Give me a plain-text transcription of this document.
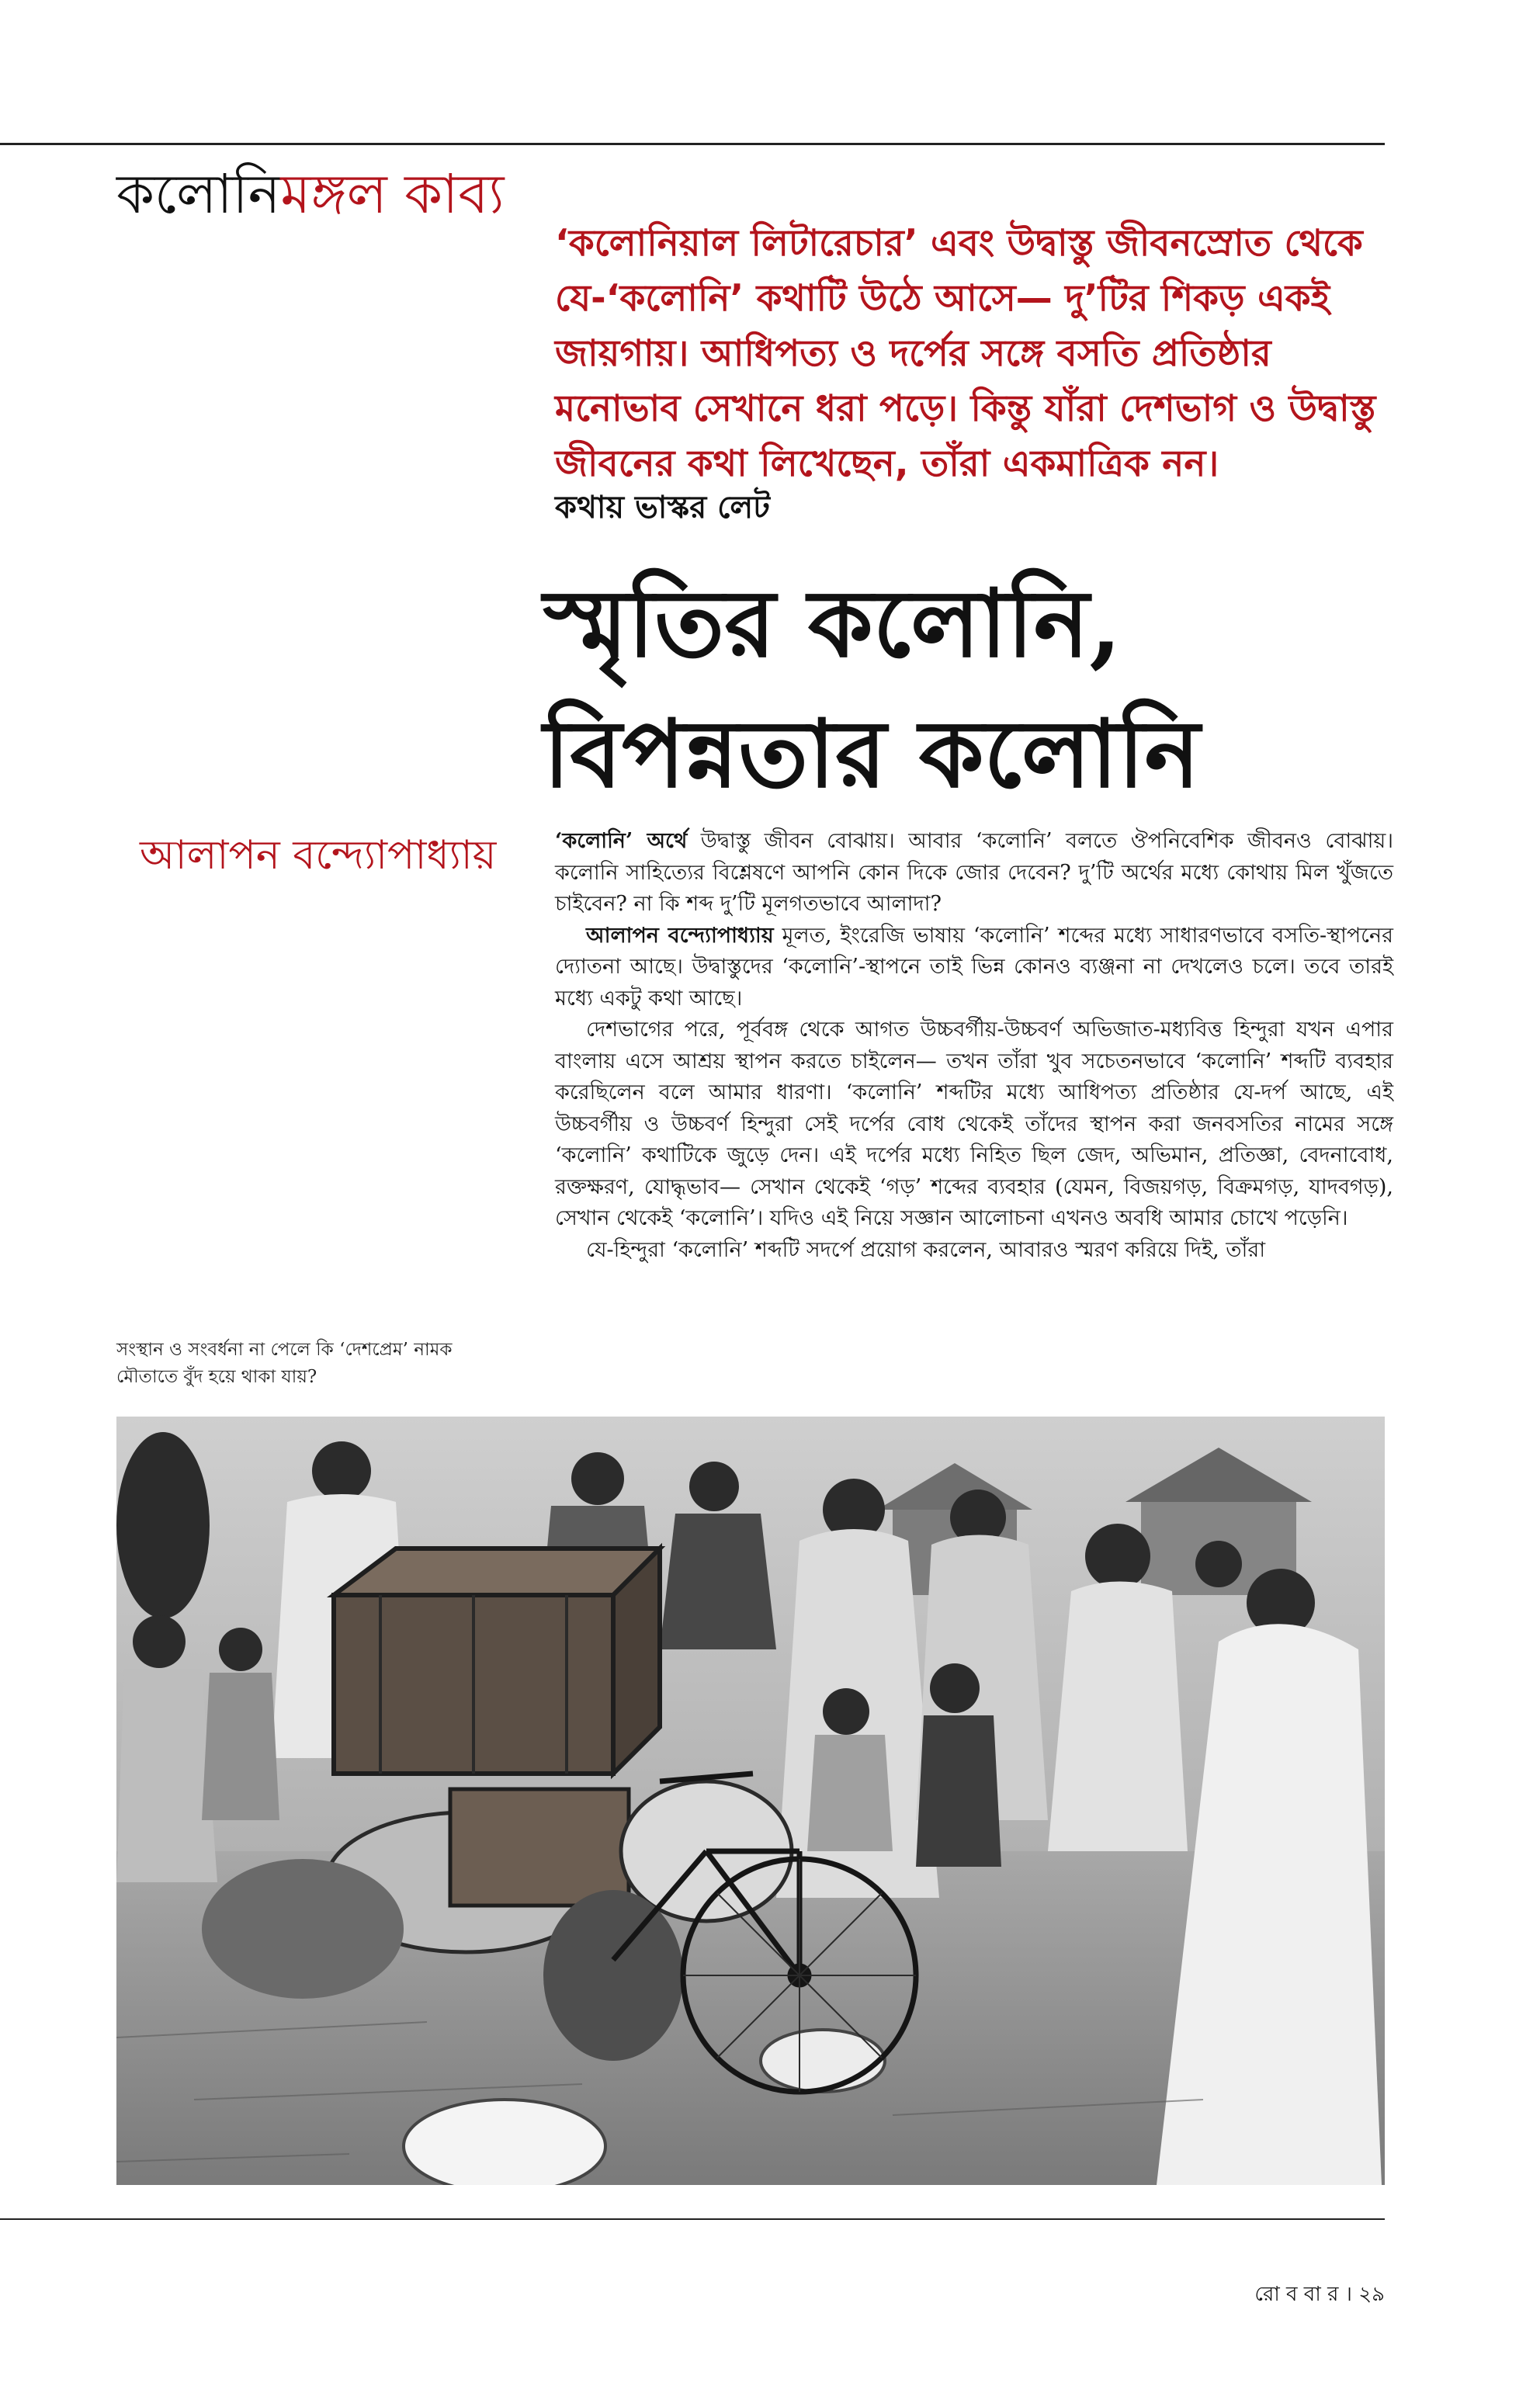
কলোনিমঙ্গল কাব্য

‘কলোনিয়াল লিটারেচার’ এবং উদ্বাস্তু জীবনস্রোত থেকে যে-‘কলোনি’ কথাটি উঠে আসে— দু’টির শিকড় একই জায়গায়। আধিপত্য ও দর্পের সঙ্গে বসতি প্রতিষ্ঠার মনোভাব সেখানে ধরা পড়ে। কিন্তু যাঁরা দেশভাগ ও উদ্বাস্তু জীবনের কথা লিখেছেন, তাঁরা একমাত্রিক নন।

কথায় ভাস্কর লেট
স্মৃতির কলোনি,
বিপন্নতার কলোনি
আলাপন বন্দ্যোপাধ্যায়	‘কলোনি’ অর্থে উদ্বাস্তু জীবন বোঝায়। আবার ‘কলোনি’ বলতে ঔপনিবেশিক জীবনও বোঝায়। কলোনি সাহিত্যের বিশ্লেষণে আপনি কোন দিকে জোর দেবেন? দু’টি অর্থের মধ্যে কোথায় মিল খুঁজতে চাইবেন? না কি শব্দ দু’টি মূলগতভাবে আলাদা?

আলাপন বন্দ্যোপাধ্যায় মূলত, ইংরেজি ভাষায় ‘কলোনি’ শব্দের মধ্যে সাধারণভাবে বসতি-স্থাপনের দ্যোতনা আছে। উদ্বাস্তুদের ‘কলোনি’-স্থাপনে তাই ভিন্ন কোনও ব্যঞ্জনা না দেখলেও চলে। তবে তারই মধ্যে একটু কথা আছে।

দেশভাগের পরে, পূর্ববঙ্গ থেকে আগত উচ্চবর্গীয়-উচ্চবর্ণ অভিজাত-মধ্যবিত্ত হিন্দুরা যখন এপার বাংলায় এসে আশ্রয় স্থাপন করতে চাইলেন— তখন তাঁরা খুব সচেতনভাবে ‘কলোনি’ শব্দটি ব্যবহার করেছিলেন বলে আমার ধারণা। ‘কলোনি’ শব্দটির মধ্যে আধিপত্য প্রতিষ্ঠার যে-দর্প আছে, এই উচ্চবর্গীয় ও উচ্চবর্ণ হিন্দুরা সেই দর্পের বোধ থেকেই তাঁদের স্থাপন করা জনবসতির নামের সঙ্গে ‘কলোনি’ কথাটিকে জুড়ে দেন। এই দর্পের মধ্যে নিহিত ছিল জেদ, অভিমান, প্রতিজ্ঞা, বেদনাবোধ, রক্তক্ষরণ, যোদ্ধৃভাব— সেখান থেকেই ‘গড়’ শব্দের ব্যবহার (যেমন, বিজয়গড়, বিক্রমগড়, যাদবগড়), সেখান থেকেই ‘কলোনি’। যদিও এই নিয়ে সজ্ঞান আলোচনা এখনও অবধি আমার চোখে পড়েনি।

যে-হিন্দুরা ‘কলোনি’ শব্দটি সদর্পে প্রয়োগ করলেন, আবারও স্মরণ করিয়ে দিই, তাঁরা

সংস্থান ও সংবর্ধনা না পেলে কি ‘দেশপ্রেম’ নামক মৌতাতে বুঁদ হয়ে থাকা যায়?
রো ব বা র । ২৯
